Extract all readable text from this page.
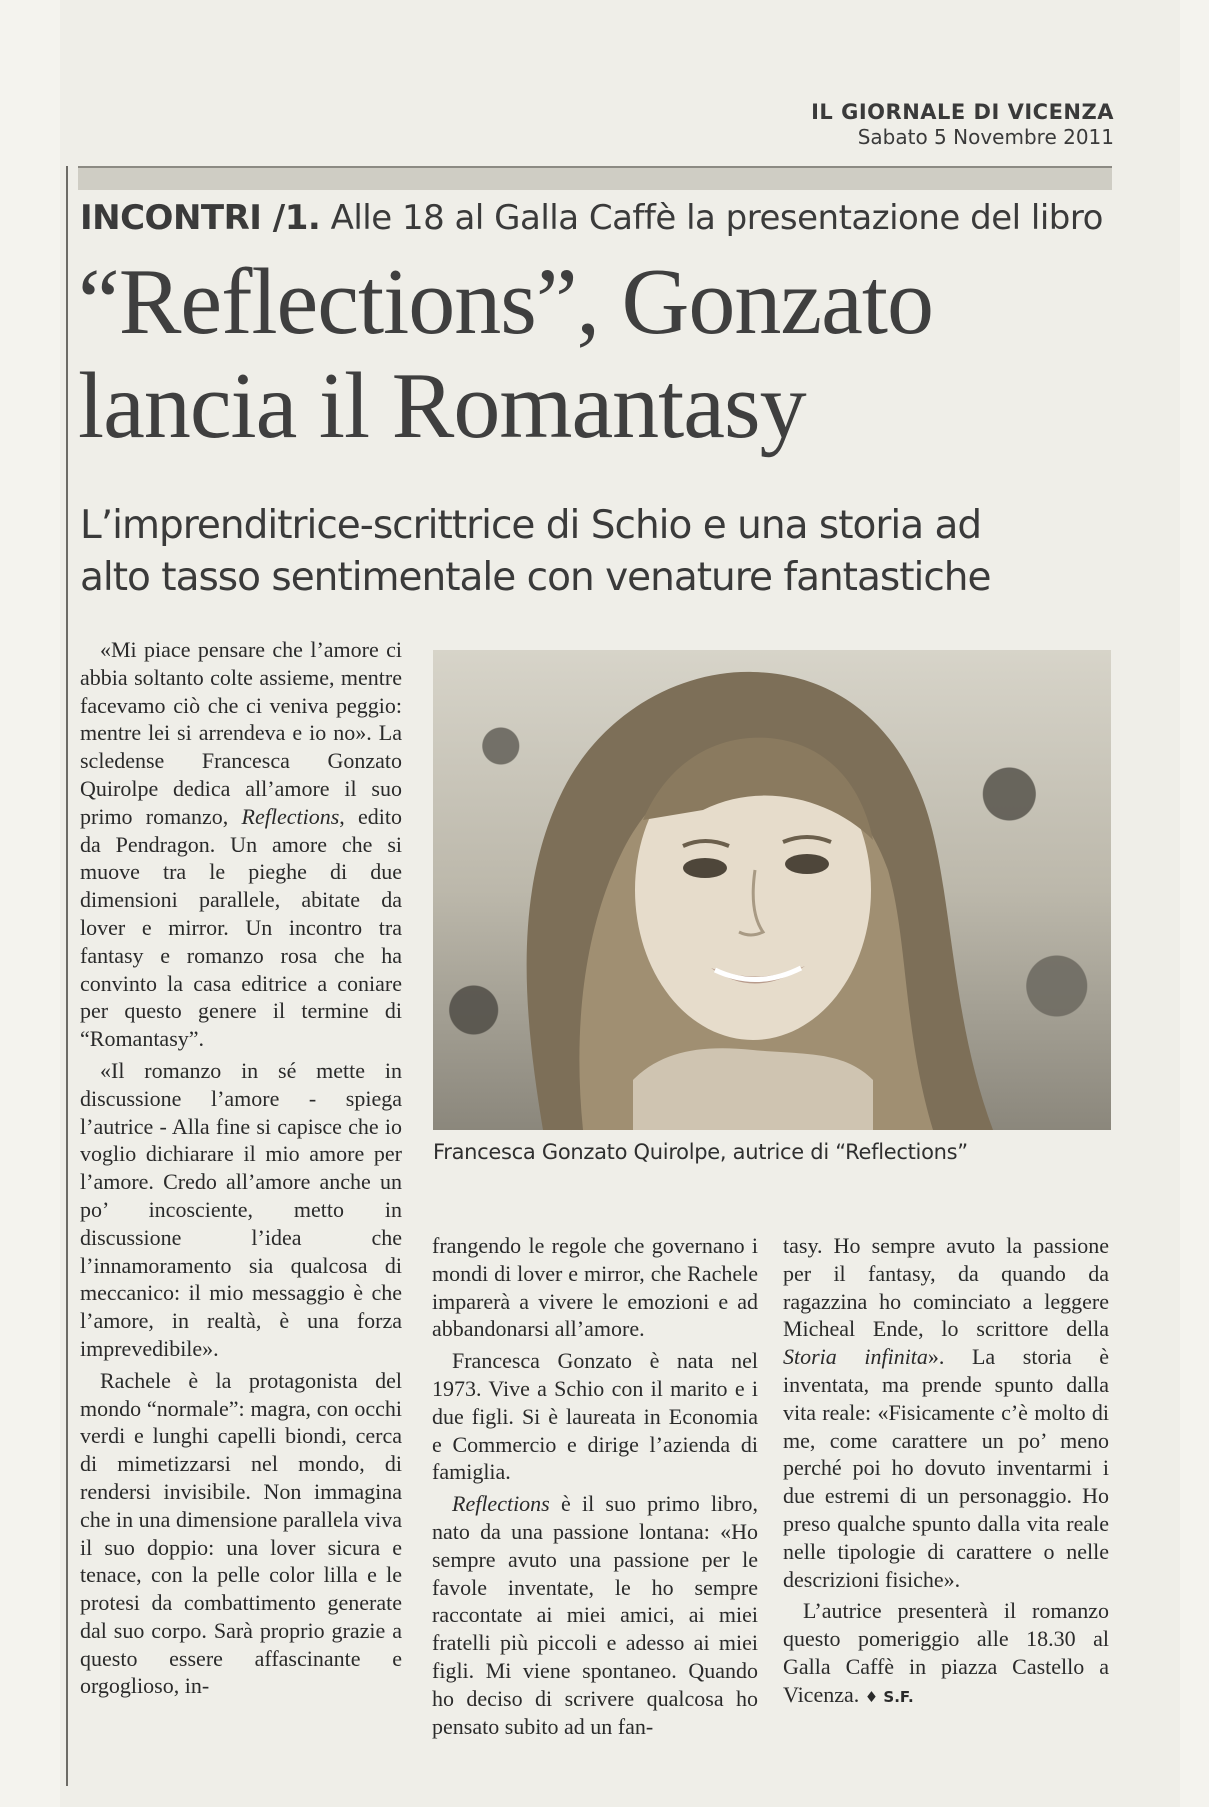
IL GIORNALE DI VICENZA
Sabato 5 Novembre 2011
INCONTRI /1. Alle 18 al Galla Caffè la presentazione del libro
“Reflections”, Gonzato
lancia il Romantasy
L’imprenditrice-scrittrice di Schio e una storia ad
alto tasso sentimentale con venature fantastiche
Francesca Gonzato Quirolpe, autrice di “Reflections”

«Mi piace pensare che l’amore ci abbia soltanto colte assieme, mentre facevamo ciò che ci veniva peggio: mentre lei si arrendeva e io no». La scledense Francesca Gonzato Quirolpe dedica all’amore il suo primo romanzo, Reflections, edito da Pendragon. Un amore che si muove tra le pieghe di due dimensioni parallele, abitate da lover e mirror. Un incontro tra fantasy e romanzo rosa che ha convinto la casa editrice a coniare per questo genere il termine di “Romantasy”.

«Il romanzo in sé mette in discussione l’amore - spiega l’autrice - Alla fine si capisce che io voglio dichiarare il mio amore per l’amore. Credo all’amore anche un po’ incosciente, metto in discussione l’idea che l’innamoramento sia qualcosa di meccanico: il mio messaggio è che l’amore, in realtà, è una forza imprevedibile».

Rachele è la protagonista del mondo “normale”: magra, con occhi verdi e lunghi capelli biondi, cerca di mimetizzarsi nel mondo, di rendersi invisibile. Non immagina che in una dimensione parallela viva il suo doppio: una lover sicura e tenace, con la pelle color lilla e le protesi da combattimento generate dal suo corpo. Sarà proprio grazie a questo essere affascinante e orgoglioso, in-

frangendo le regole che governano i mondi di lover e mirror, che Rachele imparerà a vivere le emozioni e ad abbandonarsi all’amore.

Francesca Gonzato è nata nel 1973. Vive a Schio con il marito e i due figli. Si è laureata in Economia e Commercio e dirige l’azienda di famiglia.

Reflections è il suo primo libro, nato da una passione lontana: «Ho sempre avuto una passione per le favole inventate, le ho sempre raccontate ai miei amici, ai miei fratelli più piccoli e adesso ai miei figli. Mi viene spontaneo. Quando ho deciso di scrivere qualcosa ho pensato subito ad un fan-

tasy. Ho sempre avuto la passione per il fantasy, da quando da ragazzina ho cominciato a leggere Micheal Ende, lo scrittore della Storia infinita». La storia è inventata, ma prende spunto dalla vita reale: «Fisicamente c’è molto di me, come carattere un po’ meno perché poi ho dovuto inventarmi i due estremi di un personaggio. Ho preso qualche spunto dalla vita reale nelle tipologie di carattere o nelle descrizioni fisiche».

L’autrice presenterà il romanzo questo pomeriggio alle 18.30 al Galla Caffè in piazza Castello a Vicenza. ♦ S.F.
